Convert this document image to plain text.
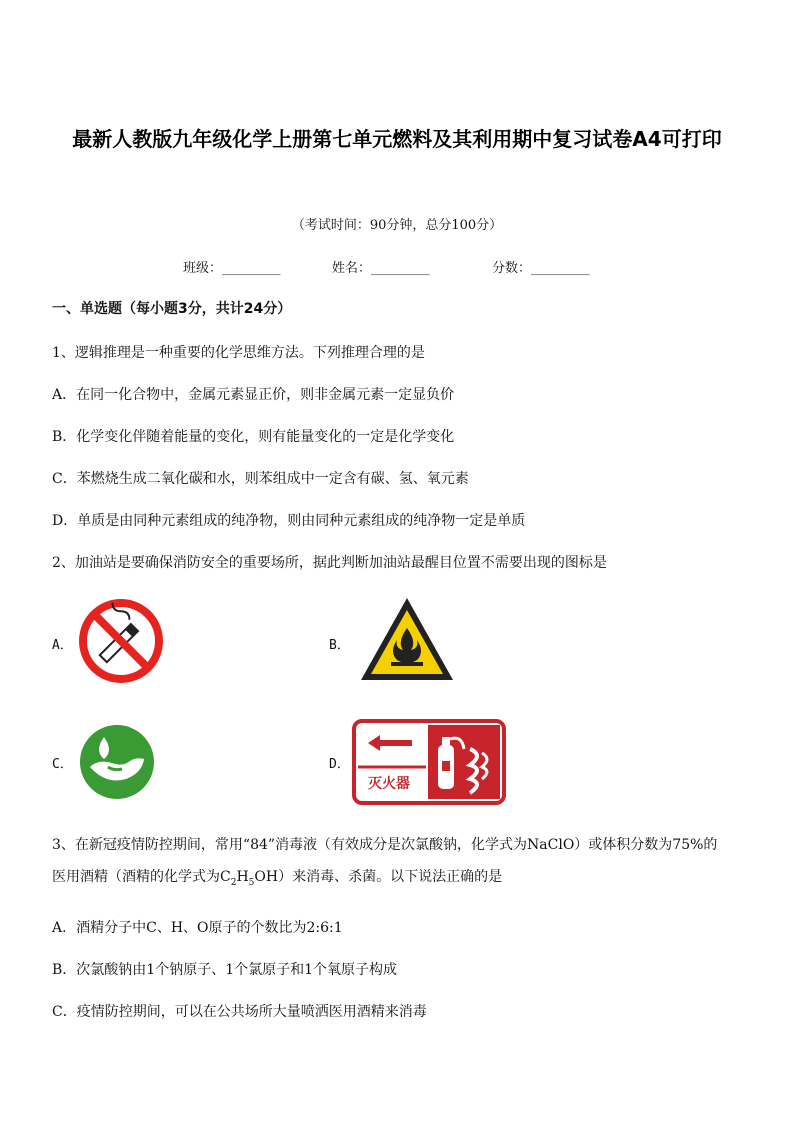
最新人教版九年级化学上册第七单元燃料及其利用期中复习试卷A4可打印
（考试时间：90分钟，总分100分）
班级：_________	姓名：_________	分数：_________
一、单选题（每小题3分，共计24分）
1、逻辑推理是一种重要的化学思维方法。下列推理合理的是
A．在同一化合物中，金属元素显正价，则非金属元素一定显负价
B．化学变化伴随着能量的变化，则有能量变化的一定是化学变化
C．苯燃烧生成二氧化碳和水，则苯组成中一定含有碳、氢、氧元素
D．单质是由同种元素组成的纯净物，则由同种元素组成的纯净物一定是单质
2、加油站是要确保消防安全的重要场所，据此判断加油站最醒目位置不需要出现的图标是
A．	B．
C．	D．
灭火器
3、在新冠疫情防控期间，常用“84”消毒液（有效成分是次氯酸钠，化学式为NaClO）或体积分数为75%的
医用酒精（酒精的化学式为$C_2H_5OH$）来消毒、杀菌。以下说法正确的是
A．酒精分子中C、H、O原子的个数比为2:6:1
B．次氯酸钠由1个钠原子、1个氯原子和1个氧原子构成
C．疫情防控期间，可以在公共场所大量喷洒医用酒精来消毒
